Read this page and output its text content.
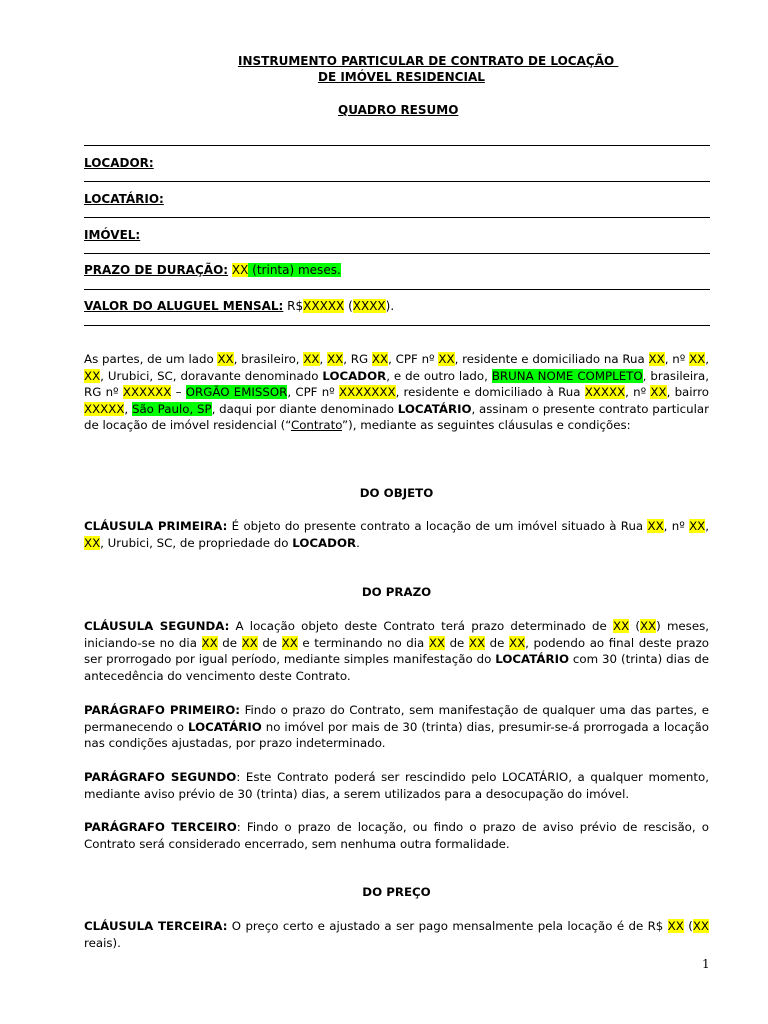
INSTRUMENTO PARTICULAR DE CONTRATO DE LOCAÇÃO
DE IMÓVEL RESIDENCIAL
QUADRO RESUMO
LOCADOR:
LOCATÁRIO:
IMÓVEL:
PRAZO DE DURAÇÃO: XX (trinta) meses.
VALOR DO ALUGUEL MENSAL: R$XXXXX (XXXX).

As partes, de um lado XX, brasileiro, XX, XX, RG XX, CPF nº XX, residente e domiciliado na Rua XX, nº XX, XX, Urubici, SC, doravante denominado LOCADOR, e de outro lado, BRUNA NOME COMPLETO, brasileira, RG nº XXXXXX – ORGÃO EMISSOR, CPF nº XXXXXXX, residente e domiciliado à Rua XXXXX, nº XX, bairro XXXXX, São Paulo, SP, daqui por diante denominado LOCATÁRIO, assinam o presente contrato particular de locação de imóvel residencial (“Contrato”), mediante as seguintes cláusulas e condições:

DO OBJETO

CLÁUSULA PRIMEIRA: É objeto do presente contrato a locação de um imóvel situado à Rua XX, nº XX, XX, Urubici, SC, de propriedade do LOCADOR.

DO PRAZO

CLÁUSULA SEGUNDA: A locação objeto deste Contrato terá prazo determinado de XX (XX) meses, iniciando-se no dia XX de XX de XX e terminando no dia XX de XX de XX, podendo ao final deste prazo ser prorrogado por igual período, mediante simples manifestação do LOCATÁRIO com 30 (trinta) dias de antecedência do vencimento deste Contrato.

PARÁGRAFO PRIMEIRO: Findo o prazo do Contrato, sem manifestação de qualquer uma das partes, e permanecendo o LOCATÁRIO no imóvel por mais de 30 (trinta) dias, presumir-se-á prorrogada a locação nas condições ajustadas, por prazo indeterminado.

PARÁGRAFO SEGUNDO: Este Contrato poderá ser rescindido pelo LOCATÁRIO, a qualquer momento, mediante aviso prévio de 30 (trinta) dias, a serem utilizados para a desocupação do imóvel.

PARÁGRAFO TERCEIRO: Findo o prazo de locação, ou findo o prazo de aviso prévio de rescisão, o Contrato será considerado encerrado, sem nenhuma outra formalidade.

DO PREÇO

CLÁUSULA TERCEIRA: O preço certo e ajustado a ser pago mensalmente pela locação é de R$ XX (XX reais).

1
